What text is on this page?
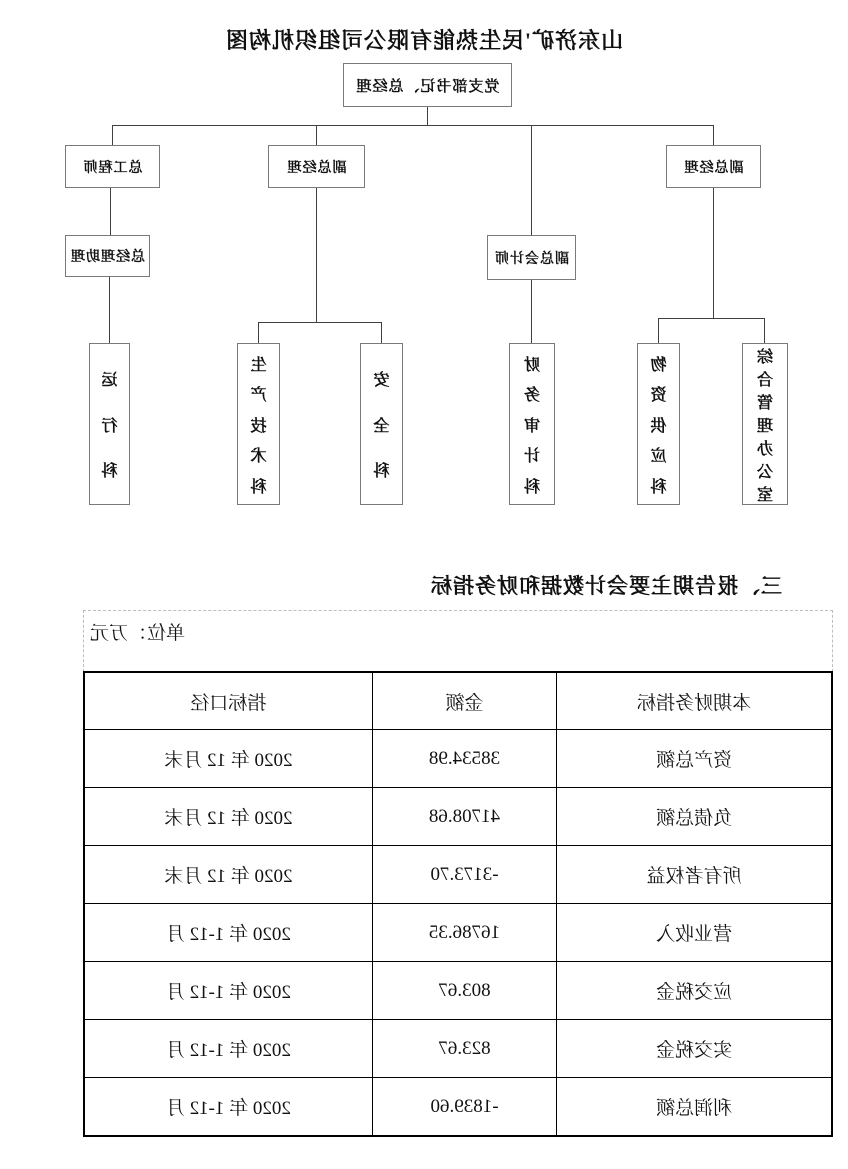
山东济矿'民生热能有限公司组织机构图
党支部书记、总经理
副总经理
副总经理
总工程师
副总会计师
总经理助理
综
合
管
理
办
公
室
物
资
供
应
科
财
务
审
计
科
安
全
科
生
产
技
术
科
运
行
科
三、报告期主要会计数据和财务指标
单位：万元
本期财务指标	金额	指标口径
资产总额	38534.98	2020 年 12 月末
负债总额	41708.68	2020 年 12 月末
所有者权益	-3173.70	2020 年 12 月末
营业收入	16786.35	2020 年 1-12 月
应交税金	803.67	2020 年 1-12 月
实交税金	823.67	2020 年 1-12 月
利润总额	-1839.60	2020 年 1-12 月
